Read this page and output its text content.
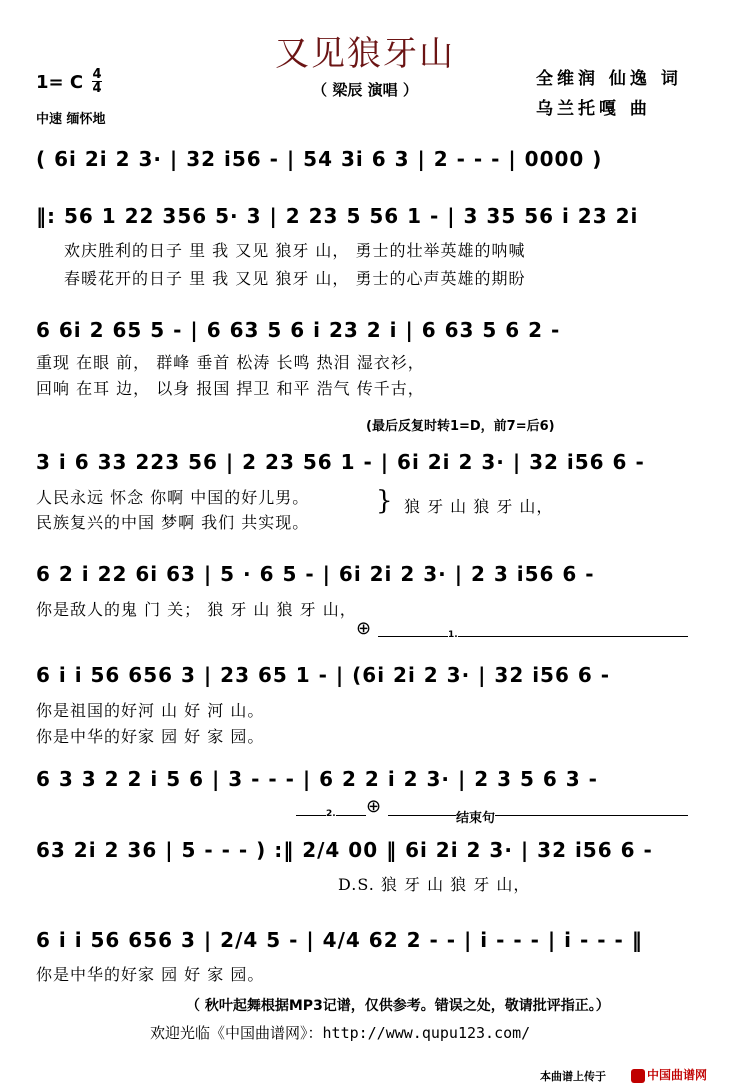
又见狼牙山
（ 梁辰 演唱 ）
全维润 仙逸 词
乌兰托嘎 曲
1= C 4
4
中速 缅怀地
( 6i 2i 2 3· | 32 i56 - | 54 3i 6 3 | 2 - - - | 0000 )
‖: 56 1 22 356 5· 3 | 2 23 5 56 1 - | 3 35 56 i 23 2i
欢庆胜利的日子 里 我 又见 狼牙 山， 勇士的壮举英雄的呐喊
春暖花开的日子 里 我 又见 狼牙 山， 勇士的心声英雄的期盼
6 6i 2 65 5 - | 6 63 5 6 i 23 2 i | 6 63 5 6 2 -
重现 在眼 前， 群峰 垂首 松涛 长鸣 热泪 湿衣衫，
回响 在耳 边， 以身 报国 捍卫 和平 浩气 传千古，
(最后反复时转1=D，前7=后6)
3 i 6 33 223 56 | 2 23 56 1 - | 6i 2i 2 3· | 32 i56 6 -
人民永远 怀念 你啊 中国的好儿男。
民族复兴的中国 梦啊 我们 共实现。
} 狼 牙 山 狼 牙 山，
6 2 i 22 6i 63 | 5 · 6 5 - | 6i 2i 2 3· | 2 3 i56 6 -
你是敌人的鬼 门 关； 狼 牙 山 狼 牙 山，
⊕	1.
6 i i 56 656 3 | 23 65 1 - | (6i 2i 2 3· | 32 i56 6 -
你是祖国的好河 山 好 河 山。
你是中华的好家 园 好 家 园。
6 3 3 2 2 i 5 6 | 3 - - - | 6 2 2 i 2 3· | 2 3 5 6 3 -
2. ⊕
结束句
63 2i 2 36 | 5 - - - ) :‖ 2/4 00 ‖ 6i 2i 2 3· | 32 i56 6 -
D.S. 狼 牙 山 狼 牙 山，
6 i i 56 656 3 | 2/4 5 - | 4/4 62 2 - - | i - - - | i - - - ‖
你是中华的好家 园 好 家 园。
（ 秋叶起舞根据MP3记谱，仅供参考。错误之处，敬请批评指正。）
欢迎光临《中国曲谱网》：http://www.qupu123.com/
本曲谱上传于	中国曲谱网
